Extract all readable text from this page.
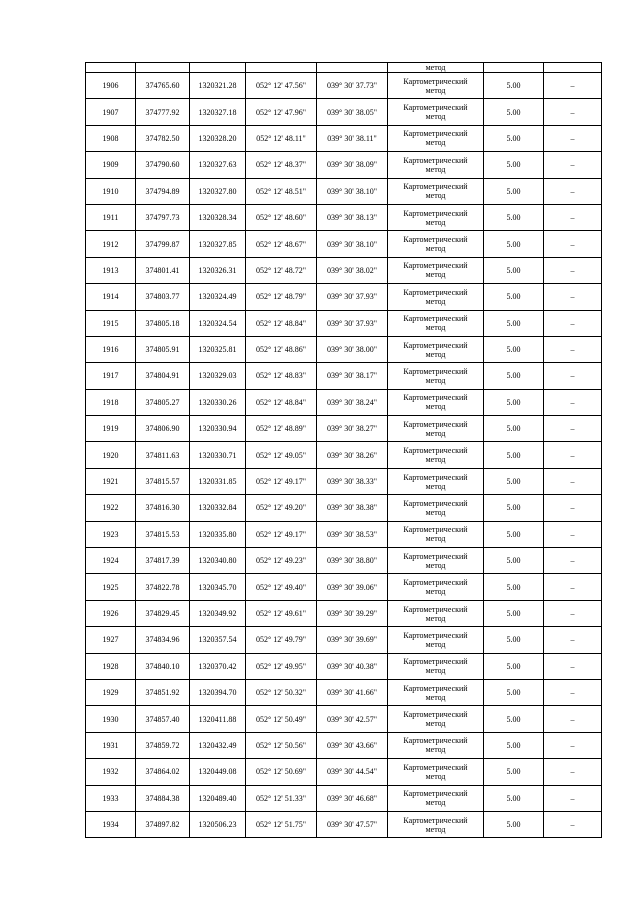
					метод		
1906	374765.60	1320321.28	052° 12' 47.56"	039° 30' 37.73"	Картометрический
метод	5.00	–
1907	374777.92	1320327.18	052° 12' 47.96"	039° 30' 38.05"	Картометрический
метод	5.00	–
1908	374782.50	1320328.20	052° 12' 48.11"	039° 30' 38.11"	Картометрический
метод	5.00	–
1909	374790.60	1320327.63	052° 12' 48.37"	039° 30' 38.09"	Картометрический
метод	5.00	–
1910	374794.89	1320327.80	052° 12' 48.51"	039° 30' 38.10"	Картометрический
метод	5.00	–
1911	374797.73	1320328.34	052° 12' 48.60"	039° 30' 38.13"	Картометрический
метод	5.00	–
1912	374799.87	1320327.85	052° 12' 48.67"	039° 30' 38.10"	Картометрический
метод	5.00	–
1913	374801.41	1320326.31	052° 12' 48.72"	039° 30' 38.02"	Картометрический
метод	5.00	–
1914	374803.77	1320324.49	052° 12' 48.79"	039° 30' 37.93"	Картометрический
метод	5.00	–
1915	374805.18	1320324.54	052° 12' 48.84"	039° 30' 37.93"	Картометрический
метод	5.00	–
1916	374805.91	1320325.81	052° 12' 48.86"	039° 30' 38.00"	Картометрический
метод	5.00	–
1917	374804.91	1320329.03	052° 12' 48.83"	039° 30' 38.17"	Картометрический
метод	5.00	–
1918	374805.27	1320330.26	052° 12' 48.84"	039° 30' 38.24"	Картометрический
метод	5.00	–
1919	374806.90	1320330.94	052° 12' 48.89"	039° 30' 38.27"	Картометрический
метод	5.00	–
1920	374811.63	1320330.71	052° 12' 49.05"	039° 30' 38.26"	Картометрический
метод	5.00	–
1921	374815.57	1320331.85	052° 12' 49.17"	039° 30' 38.33"	Картометрический
метод	5.00	–
1922	374816.30	1320332.84	052° 12' 49.20"	039° 30' 38.38"	Картометрический
метод	5.00	–
1923	374815.53	1320335.80	052° 12' 49.17"	039° 30' 38.53"	Картометрический
метод	5.00	–
1924	374817.39	1320340.80	052° 12' 49.23"	039° 30' 38.80"	Картометрический
метод	5.00	–
1925	374822.78	1320345.70	052° 12' 49.40"	039° 30' 39.06"	Картометрический
метод	5.00	–
1926	374829.45	1320349.92	052° 12' 49.61"	039° 30' 39.29"	Картометрический
метод	5.00	–
1927	374834.96	1320357.54	052° 12' 49.79"	039° 30' 39.69"	Картометрический
метод	5.00	–
1928	374840.10	1320370.42	052° 12' 49.95"	039° 30' 40.38"	Картометрический
метод	5.00	–
1929	374851.92	1320394.70	052° 12' 50.32"	039° 30' 41.66"	Картометрический
метод	5.00	–
1930	374857.40	1320411.88	052° 12' 50.49"	039° 30' 42.57"	Картометрический
метод	5.00	–
1931	374859.72	1320432.49	052° 12' 50.56"	039° 30' 43.66"	Картометрический
метод	5.00	–
1932	374864.02	1320449.08	052° 12' 50.69"	039° 30' 44.54"	Картометрический
метод	5.00	–
1933	374884.38	1320489.40	052° 12' 51.33"	039° 30' 46.68"	Картометрический
метод	5.00	–
1934	374897.82	1320506.23	052° 12' 51.75"	039° 30' 47.57"	Картометрический
метод	5.00	–
